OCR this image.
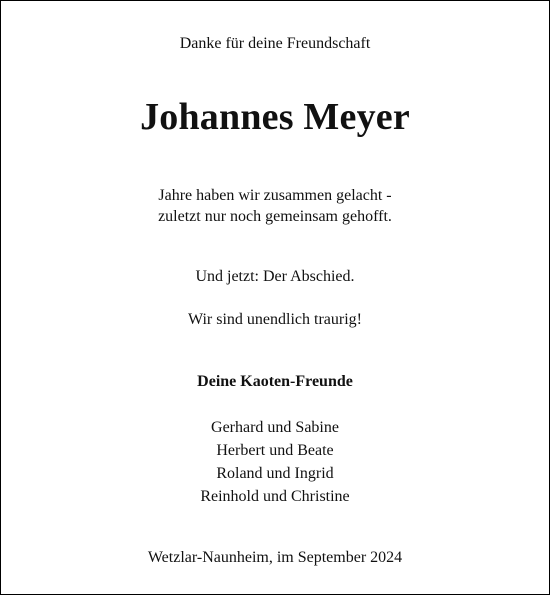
Danke für deine Freundschaft
Johannes Meyer
Jahre haben wir zusammen gelacht -
zuletzt nur noch gemeinsam gehofft.
Und jetzt: Der Abschied.
Wir sind unendlich traurig!
Deine Kaoten-Freunde
Gerhard und Sabine
Herbert und Beate
Roland und Ingrid
Reinhold und Christine
Wetzlar-Naunheim, im September 2024
